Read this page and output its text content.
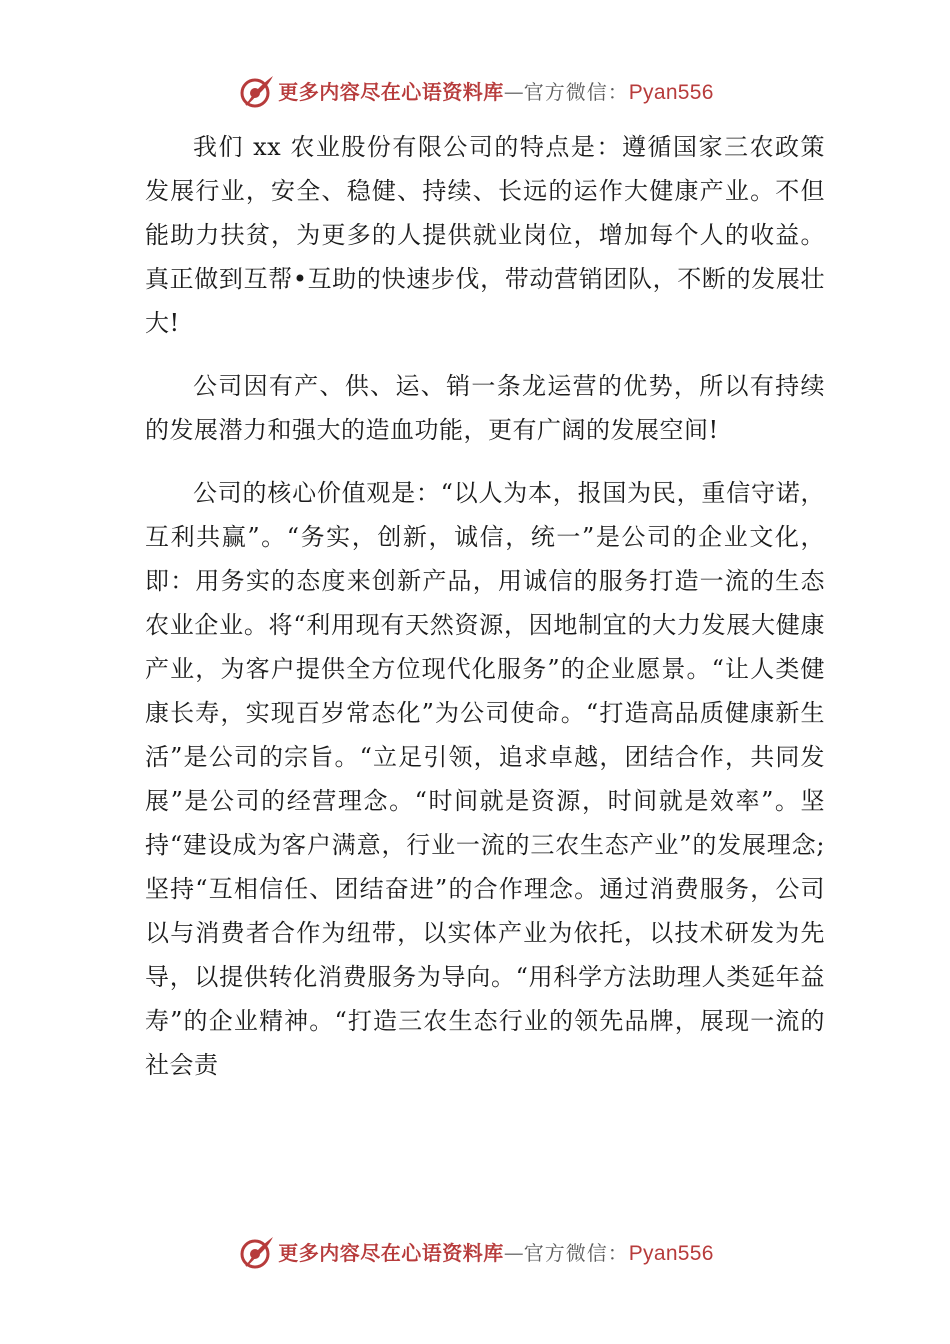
更多内容尽在心语资料库 — 官方微信： Pyan556

我们 xx 农业股份有限公司的特点是：遵循国家三农政策发展行业，安全、稳健、持续、长远的运作大健康产业。不但能助力扶贫，为更多的人提供就业岗位，增加每个人的收益。真正做到互帮•互助的快速步伐，带动营销团队，不断的发展壮大!

公司因有产、供、运、销一条龙运营的优势，所以有持续的发展潜力和强大的造血功能，更有广阔的发展空间!

公司的核心价值观是：“以人为本，报国为民，重信守诺，互利共赢”。“务实，创新，诚信，统一”是公司的企业文化，即：用务实的态度来创新产品，用诚信的服务打造一流的生态农业企业。将“利用现有天然资源，因地制宜的大力发展大健康产业，为客户提供全方位现代化服务”的企业愿景。“让人类健康长寿，实现百岁常态化”为公司使命。“打造高品质健康新生活”是公司的宗旨。“立足引领，追求卓越，团结合作，共同发展”是公司的经营理念。“时间就是资源，时间就是效率”。坚持“建设成为客户满意，行业一流的三农生态产业”的发展理念;坚持“互相信任、团结奋进”的合作理念。通过消费服务，公司以与消费者合作为纽带，以实体产业为依托，以技术研发为先导，以提供转化消费服务为导向。“用科学方法助理人类延年益寿”的企业精神。“打造三农生态行业的领先品牌，展现一流的社会责

更多内容尽在心语资料库 — 官方微信： Pyan556
